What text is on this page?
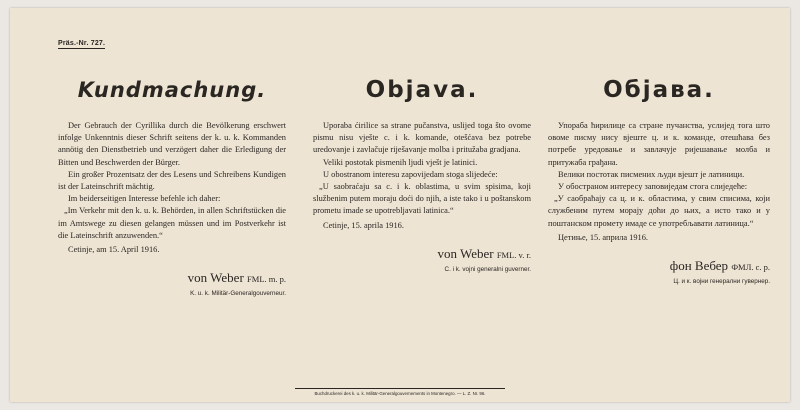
Präs.-Nr. 727.
Kundmachung.

Der Gebrauch der Cyrillika durch die Bevölkerung erschwert infolge Unkenntnis dieser Schrift seitens der k. u. k. Kommanden annötig den Dienstbetrieb und verzögert daher die Erledigung der Bitten und Beschwerden der Bürger.

Ein großer Prozentsatz der des Lesens und Schreibens Kundigen ist der Lateinschrift mächtig.

Im beiderseitigen Interesse befehle ich daher:

„Im Verkehr mit den k. u. k. Behörden, in allen Schriftstücken die im Amtswege zu diesen gelangen müssen und im Postverkehr ist die Lateinschrift anzuwenden.“

Cetinje, am 15. April 1916.
von Weber FML. m. p.
K. u. k. Militär-Generalgouverneur.
Objava.

Uporaba ćirilice sa strane pučanstva, uslijed toga što ovome pismu nisu vješte c. i k. komande, otešćava bez potrebe uredovanje i zavlačuje riješavanje molba i pritužaba gradjana.

Veliki postotak pismenih ljudi vješt je latinici.

U obostranom interesu zapovijedam stoga slijedeće:

„U saobraćaju sa c. i k. oblastima, u svim spisima, koji službenim putem moraju doći do njih, a iste tako i u poštanskom prometu imade se upotrebljavati latinica.“

Cetinje, 15. aprila 1916.
von Weber FML. v. r.
C. i k. vojni generalni guverner.
Објава.

Упораба ћирилице са стране пучанства, услијед тога што овоме писму нису вјеште ц. и к. команде, отешћава без потребе уредовање и завлачује ријешавање молба и притужаба грађана.

Велики постотак писмених људи вјешт је латиници.

У обостраном интересу заповиједам стога слиједеће:

„У саобраћају са ц. и к. областима, у свим списима, који службеним путем морају доћи до њих, а исто тако и у поштанском промету имаде се употребљавати латиница.“

Цетиње, 15. априла 1916.
фон Вебер ФМЛ. с. р.
Ц. и к. војни генерални гувернер.
Buchdruckerei des k. u. k. Militär-Generalgouvernements in Montenegro. — L. Z. Nr. 96.
